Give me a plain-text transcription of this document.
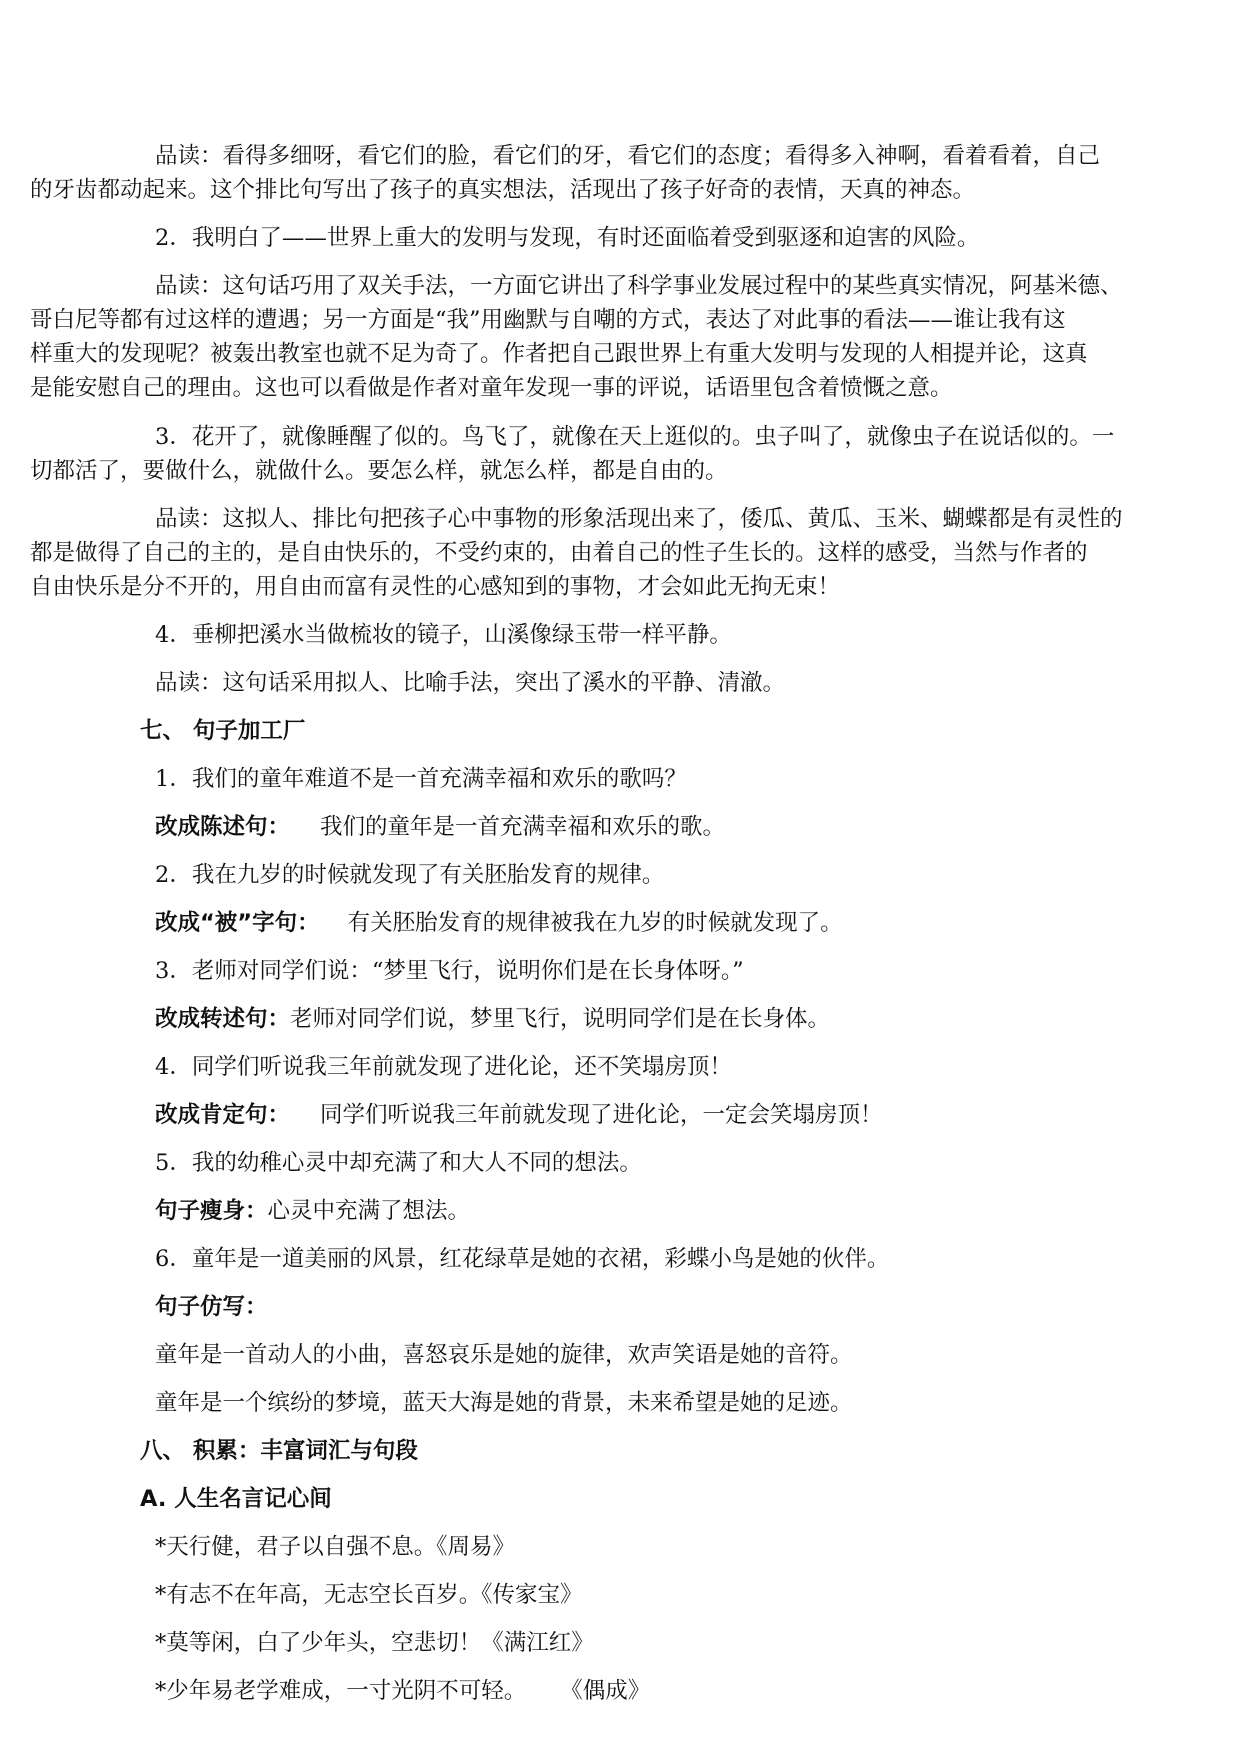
品读：看得多细呀，看它们的脸，看它们的牙，看它们的态度；看得多入神啊，看着看着，自己

的牙齿都动起来。这个排比句写出了孩子的真实想法，活现出了孩子好奇的表情，天真的神态。

2．我明白了——世界上重大的发明与发现，有时还面临着受到驱逐和迫害的风险。

品读：这句话巧用了双关手法，一方面它讲出了科学事业发展过程中的某些真实情况，阿基米德、

哥白尼等都有过这样的遭遇；另一方面是“我”用幽默与自嘲的方式，表达了对此事的看法——谁让我有这

样重大的发现呢？被轰出教室也就不足为奇了。作者把自己跟世界上有重大发明与发现的人相提并论，这真

是能安慰自己的理由。这也可以看做是作者对童年发现一事的评说，话语里包含着愤慨之意。

3．花开了，就像睡醒了似的。鸟飞了，就像在天上逛似的。虫子叫了，就像虫子在说话似的。一

切都活了，要做什么，就做什么。要怎么样，就怎么样，都是自由的。

品读：这拟人、排比句把孩子心中事物的形象活现出来了，倭瓜、黄瓜、玉米、蝴蝶都是有灵性的

都是做得了自己的主的，是自由快乐的，不受约束的，由着自己的性子生长的。这样的感受，当然与作者的

自由快乐是分不开的，用自由而富有灵性的心感知到的事物，才会如此无拘无束！

4．垂柳把溪水当做梳妆的镜子，山溪像绿玉带一样平静。

品读：这句话采用拟人、比喻手法，突出了溪水的平静、清澈。

七、 句子加工厂

1．我们的童年难道不是一首充满幸福和欢乐的歌吗？

改成陈述句： 我们的童年是一首充满幸福和欢乐的歌。

2．我在九岁的时候就发现了有关胚胎发育的规律。

改成“被”字句： 有关胚胎发育的规律被我在九岁的时候就发现了。

3．老师对同学们说：“梦里飞行，说明你们是在长身体呀。”

改成转述句：老师对同学们说，梦里飞行，说明同学们是在长身体。

4．同学们听说我三年前就发现了进化论，还不笑塌房顶！

改成肯定句： 同学们听说我三年前就发现了进化论，一定会笑塌房顶！

5．我的幼稚心灵中却充满了和大人不同的想法。

句子瘦身：心灵中充满了想法。

6．童年是一道美丽的风景，红花绿草是她的衣裙，彩蝶小鸟是她的伙伴。

句子仿写：

童年是一首动人的小曲，喜怒哀乐是她的旋律，欢声笑语是她的音符。

童年是一个缤纷的梦境，蓝天大海是她的背景，未来希望是她的足迹。

八、 积累：丰富词汇与句段

A. 人生名言记心间

*天行健，君子以自强不息。《周易》

*有志不在年高，无志空长百岁。《传家宝》

*莫等闲，白了少年头，空悲切！《满江红》

*少年易老学难成，一寸光阴不可轻。 《偶成》
